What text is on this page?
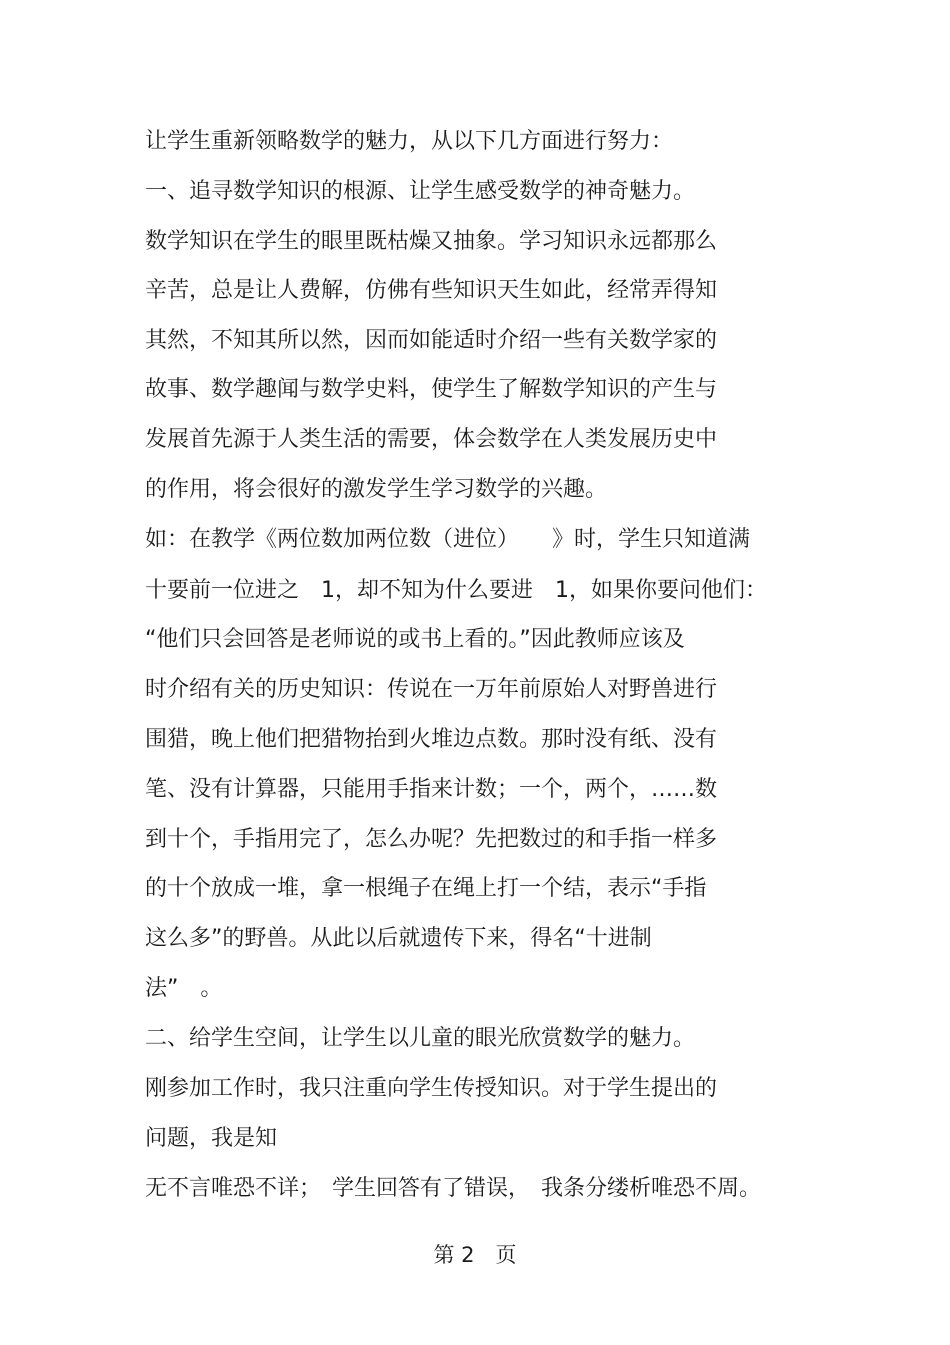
让学生重新领略数学的魅力，从以下几方面进行努力：
一、追寻数学知识的根源、让学生感受数学的神奇魅力。
数学知识在学生的眼里既枯燥又抽象。学习知识永远都那么
辛苦，总是让人费解，仿佛有些知识天生如此，经常弄得知
其然，不知其所以然，因而如能适时介绍一些有关数学家的
故事、数学趣闻与数学史料，使学生了解数学知识的产生与
发展首先源于人类生活的需要，体会数学在人类发展历史中
的作用，将会很好的激发学生学习数学的兴趣。
如：在教学《两位数加两位数（进位）　　》时，学生只知道满
十要前一位进之　1，却不知为什么要进　1，如果你要问他们：
“他们只会回答是老师说的或书上看的。”因此教师应该及
时介绍有关的历史知识：传说在一万年前原始人对野兽进行
围猎，晚上他们把猎物抬到火堆边点数。那时没有纸、没有
笔、没有计算器，只能用手指来计数；一个，两个，……数
到十个，手指用完了，怎么办呢？先把数过的和手指一样多
的十个放成一堆，拿一根绳子在绳上打一个结，表示“手指
这么多”的野兽。从此以后就遗传下来，得名“十进制
法”　。
二、给学生空间，让学生以儿童的眼光欣赏数学的魅力。
刚参加工作时，我只注重向学生传授知识。对于学生提出的
问题，我是知
无不言唯恐不详；　学生回答有了错误，　我条分缕析唯恐不周。
第 2　页
